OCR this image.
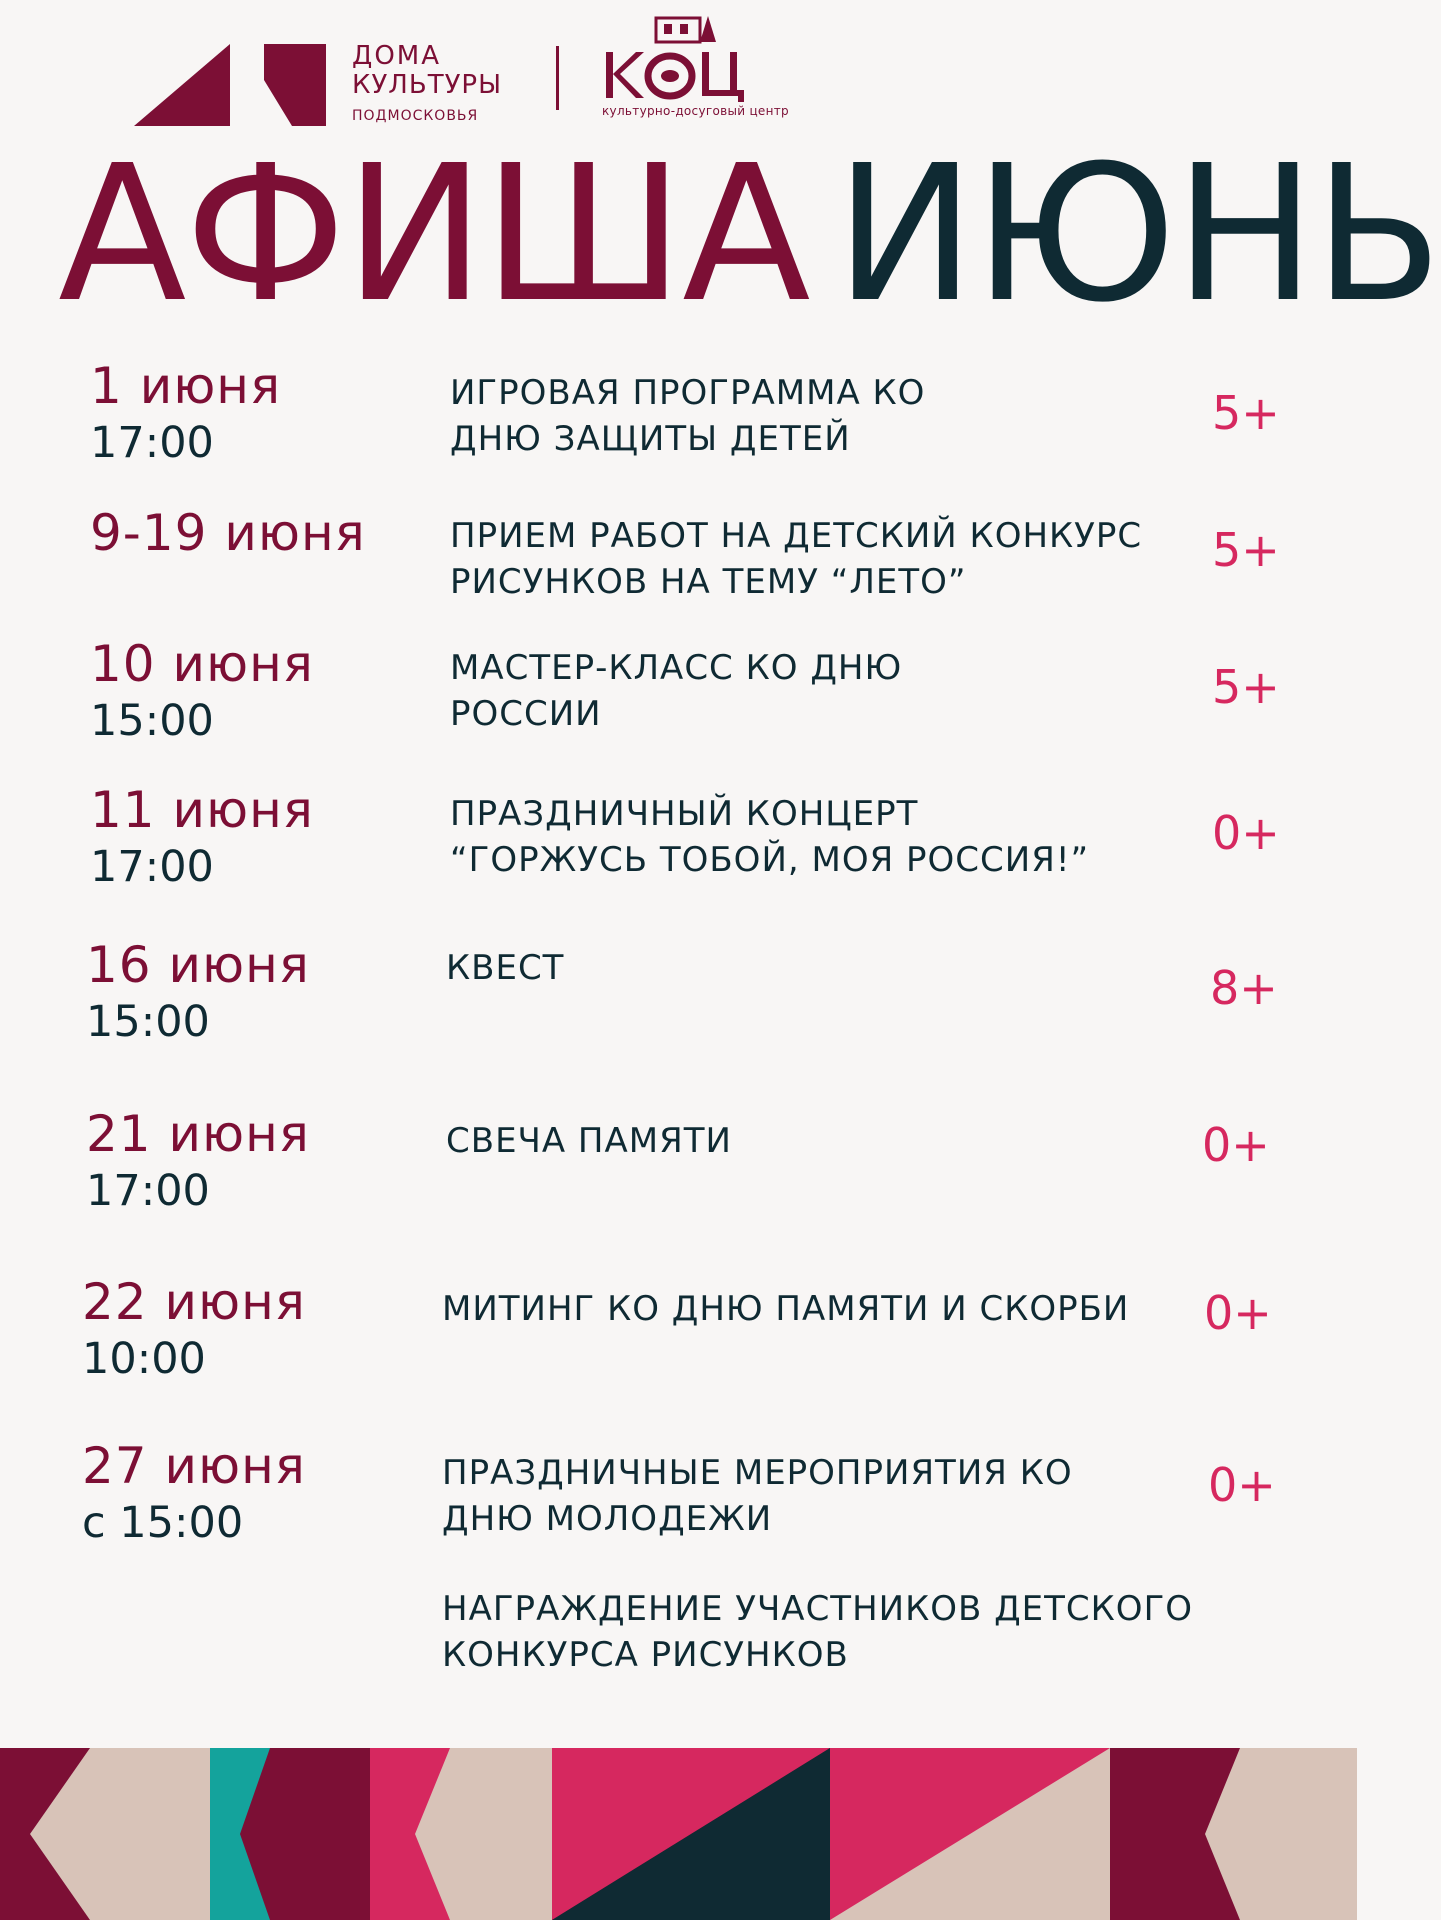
ДОМА
КУЛЬТУРЫ
ПОДМОСКОВЬЯ	культурно-досуговый центр
АФИША ИЮНЬ
1 июня
17:00
ИГРОВАЯ ПРОГРАММА КО
ДНЮ ЗАЩИТЫ ДЕТЕЙ	5+
9-19 июня ПРИЕМ РАБОТ НА ДЕТСКИЙ КОНКУРС
РИСУНКОВ НА ТЕМУ “ЛЕТО”
5+
10 июня
15:00
МАСТЕР-КЛАСС КО ДНЮ
РОССИИ	5+
11 июня
17:00
ПРАЗДНИЧНЫЙ КОНЦЕРТ
“ГОРЖУСЬ ТОБОЙ, МОЯ РОССИЯ!”	0+
16 июня
15:00
КВЕСТ	8+
21 июня
17:00
СВЕЧА ПАМЯТИ	0+
22 июня
10:00
МИТИНГ КО ДНЮ ПАМЯТИ И СКОРБИ 0+
27 июня
с 15:00
ПРАЗДНИЧНЫЕ МЕРОПРИЯТИЯ КО
ДНЮ МОЛОДЕЖИ
0+
НАГРАЖДЕНИЕ УЧАСТНИКОВ ДЕТСКОГО
КОНКУРСА РИСУНКОВ
